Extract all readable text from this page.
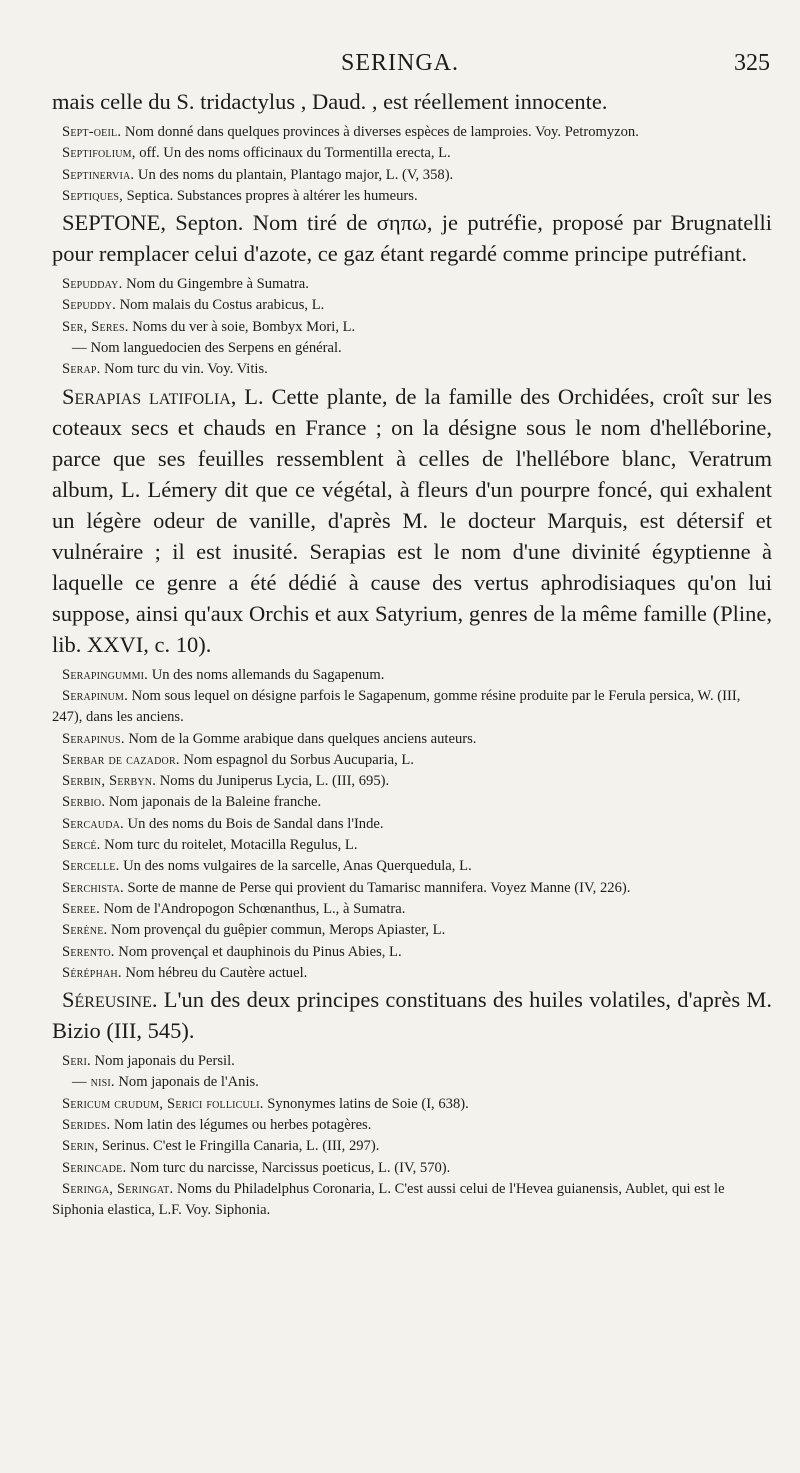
SERINGA.	325

mais celle du S. tridactylus , Daud. , est réellement innocente.

Sept-oeil. Nom donné dans quelques provinces à diverses espèces de lamproies. Voy. Petromyzon.

Septifolium, off. Un des noms officinaux du Tormentilla erecta, L.

Septinervia. Un des noms du plantain, Plantago major, L. (V, 358).

Septiques, Septica. Substances propres à altérer les humeurs.

SEPTONE, Septon. Nom tiré de σηπω, je putréfie, proposé par Brugnatelli pour remplacer celui d'azote, ce gaz étant regardé comme principe putréfiant.

Sepudday. Nom du Gingembre à Sumatra.

Sepuddy. Nom malais du Costus arabicus, L.

Ser, Seres. Noms du ver à soie, Bombyx Mori, L.

— Nom languedocien des Serpens en général.

Serap. Nom turc du vin. Voy. Vitis.

Serapias latifolia, L. Cette plante, de la famille des Orchidées, croît sur les coteaux secs et chauds en France ; on la désigne sous le nom d'helléborine, parce que ses feuilles ressemblent à celles de l'hellébore blanc, Veratrum album, L. Lémery dit que ce végétal, à fleurs d'un pourpre foncé, qui exhalent un légère odeur de vanille, d'après M. le docteur Marquis, est détersif et vulnéraire ; il est inusité. Serapias est le nom d'une divinité égyptienne à laquelle ce genre a été dédié à cause des vertus aphrodisiaques qu'on lui suppose, ainsi qu'aux Orchis et aux Satyrium, genres de la même famille (Pline, lib. XXVI, c. 10).

Serapingummi. Un des noms allemands du Sagapenum.

Serapinum. Nom sous lequel on désigne parfois le Sagapenum, gomme résine produite par le Ferula persica, W. (III, 247), dans les anciens.

Serapinus. Nom de la Gomme arabique dans quelques anciens auteurs.

Serbar de cazador. Nom espagnol du Sorbus Aucuparia, L.

Serbin, Serbyn. Noms du Juniperus Lycia, L. (III, 695).

Serbio. Nom japonais de la Baleine franche.

Sercauda. Un des noms du Bois de Sandal dans l'Inde.

Sercé. Nom turc du roitelet, Motacilla Regulus, L.

Sercelle. Un des noms vulgaires de la sarcelle, Anas Querquedula, L.

Serchista. Sorte de manne de Perse qui provient du Tamarisc mannifera. Voyez Manne (IV, 226).

Seree. Nom de l'Andropogon Schœnanthus, L., à Sumatra.

Serène. Nom provençal du guêpier commun, Merops Apiaster, L.

Serento. Nom provençal et dauphinois du Pinus Abies, L.

Séréphah. Nom hébreu du Cautère actuel.

Séreusine. L'un des deux principes constituans des huiles volatiles, d'après M. Bizio (III, 545).

Seri. Nom japonais du Persil.

— nisi. Nom japonais de l'Anis.

Sericum crudum, Serici folliculi. Synonymes latins de Soie (I, 638).

Serides. Nom latin des légumes ou herbes potagères.

Serin, Serinus. C'est le Fringilla Canaria, L. (III, 297).

Serincade. Nom turc du narcisse, Narcissus poeticus, L. (IV, 570).

Seringa, Seringat. Noms du Philadelphus Coronaria, L. C'est aussi celui de l'Hevea guianensis, Aublet, qui est le Siphonia elastica, L.F. Voy. Siphonia.
